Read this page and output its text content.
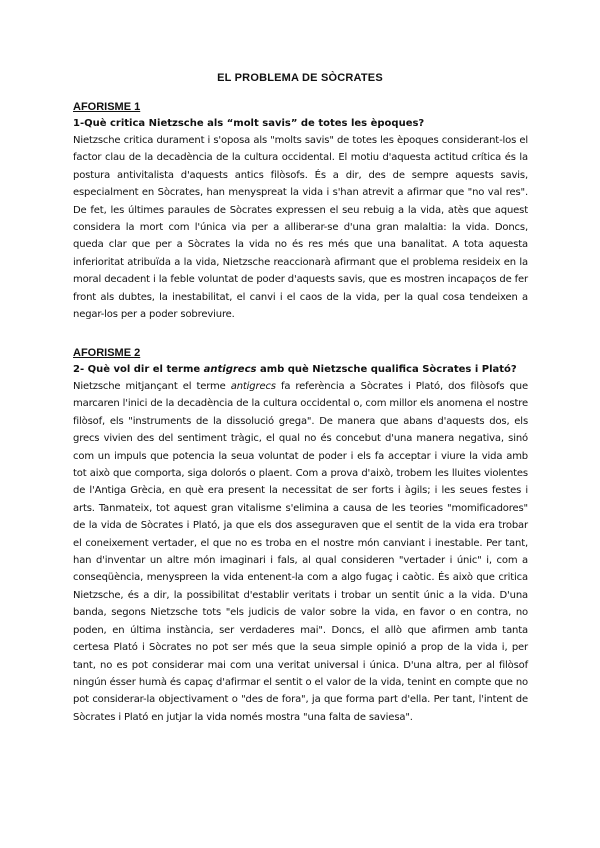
EL PROBLEMA DE SÒCRATES

AFORISME 1

1-Què critica Nietzsche als “molt savis” de totes les èpoques?

Nietzsche critica durament i s'oposa als "molts savis" de totes les èpoques considerant-los el factor clau de la decadència de la cultura occidental. El motiu d'aquesta actitud crítica és la postura antivitalista d'aquests antics filòsofs. És a dir, des de sempre aquests savis, especialment en Sòcrates, han menyspreat la vida i s'han atrevit a afirmar que "no val res". De fet, les últimes paraules de Sòcrates expressen el seu rebuig a la vida, atès que aquest considera la mort com l'única via per a alliberar-se d'una gran malaltia: la vida. Doncs, queda clar que per a Sòcrates la vida no és res més que una banalitat. A tota aquesta inferioritat atribuïda a la vida, Nietzsche reaccionarà afirmant que el problema resideix en la moral decadent i la feble voluntat de poder d'aquests savis, que es mostren incapaços de fer front als dubtes, la inestabilitat, el canvi i el caos de la vida, per la qual cosa tendeixen a negar-los per a poder sobreviure.

AFORISME 2

2- Què vol dir el terme antigrecs amb què Nietzsche qualifica Sòcrates i Plató?

Nietzsche mitjançant el terme antigrecs fa referència a Sòcrates i Plató, dos filòsofs que marcaren l'inici de la decadència de la cultura occidental o, com millor els anomena el nostre filòsof, els "instruments de la dissolució grega". De manera que abans d'aquests dos, els grecs vivien des del sentiment tràgic, el qual no és concebut d'una manera negativa, sinó com un impuls que potencia la seua voluntat de poder i els fa acceptar i viure la vida amb tot això que comporta, siga dolorós o plaent. Com a prova d'això, trobem les lluites violentes de l'Antiga Grècia, en què era present la necessitat de ser forts i àgils; i les seues festes i arts. Tanmateix, tot aquest gran vitalisme s'elimina a causa de les teories "momificadores" de la vida de Sòcrates i Plató, ja que els dos asseguraven que el sentit de la vida era trobar el coneixement vertader, el que no es troba en el nostre món canviant i inestable. Per tant, han d'inventar un altre món imaginari i fals, al qual consideren "vertader i únic" i, com a conseqüència, menyspreen la vida entenent-la com a algo fugaç i caòtic. És això que critica Nietzsche, és a dir, la possibilitat d'establir veritats i trobar un sentit únic a la vida. D'una banda, segons Nietzsche tots "els judicis de valor sobre la vida, en favor o en contra, no poden, en última instància, ser verdaderes mai". Doncs, el allò que afirmen amb tanta certesa Plató i Sòcrates no pot ser més que la seua simple opinió a prop de la vida i, per tant, no es pot considerar mai com una veritat universal i única. D'una altra, per al filòsof ningún ésser humà és capaç d'afirmar el sentit o el valor de la vida, tenint en compte que no pot considerar-la objectivament o "des de fora", ja que forma part d'ella. Per tant, l'intent de Sòcrates i Plató en jutjar la vida només mostra "una falta de saviesa".
